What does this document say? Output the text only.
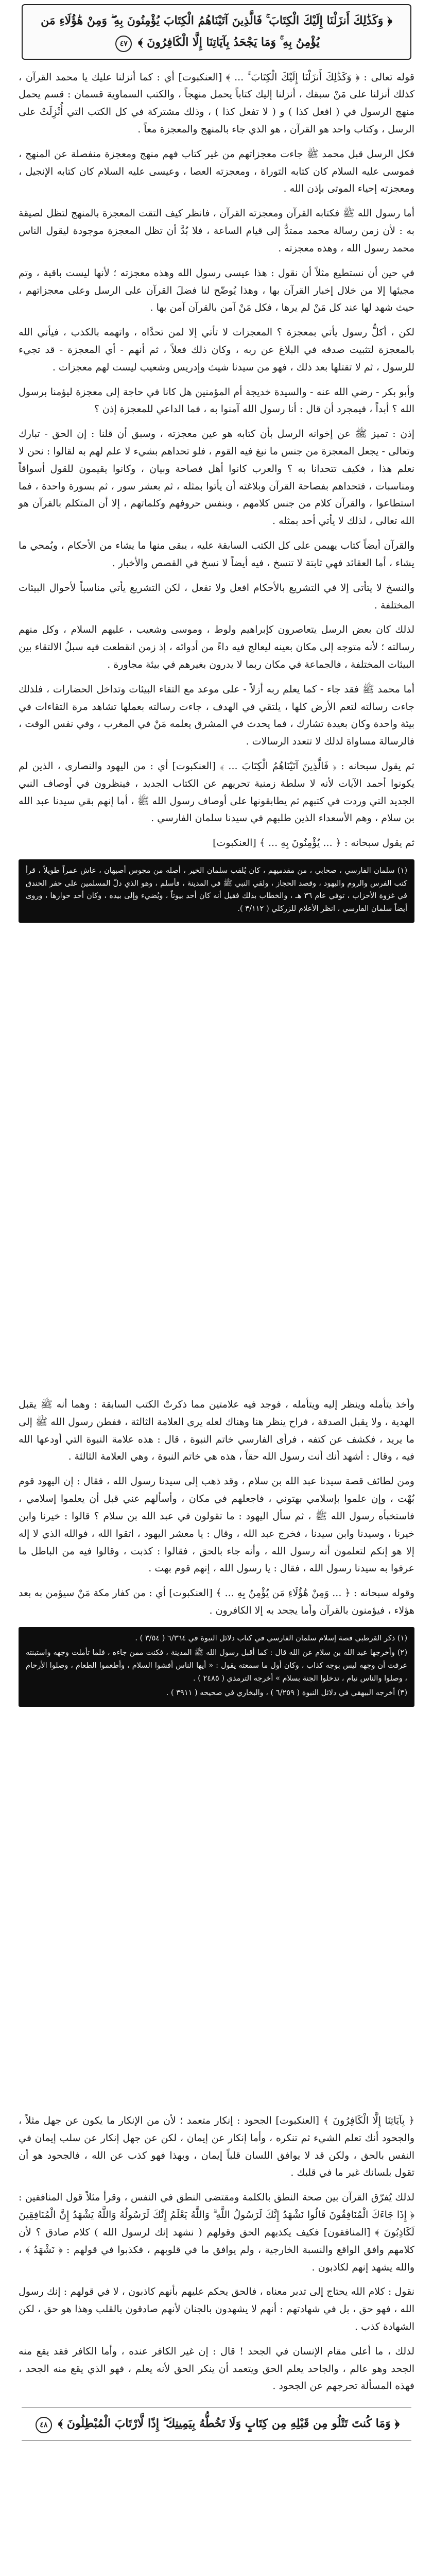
﴿ وَكَذَٰلِكَ أَنزَلْنَا إِلَيْكَ الْكِتَابَ ۚ فَالَّذِينَ آتَيْنَاهُمُ الْكِتَابَ يُؤْمِنُونَ بِهِ ۖ وَمِنْ هَٰؤُلَاءِ مَن يُؤْمِنُ بِهِ ۚ وَمَا يَجْحَدُ بِآيَاتِنَا إِلَّا الْكَافِرُونَ ﴾ ٤٧

قوله تعالى : ﴿ وَكَذَٰلِكَ أَنزَلْنَا إِلَيْكَ الْكِتَابَ ۚ ... ﴾ [العنكبوت] أي : كما أنزلنا عليك يا محمد القرآن ، كذلك أنزلنا على مَنْ سبقك ، أنزلنا إليك كتاباً يحمل منهجاً ، والكتب السماوية قسمان : قسم يحمل منهج الرسول في ( افعل كذا ) و ( لا تفعل كذا ) ، وذلك مشتركة في كل الكتب التي أُنْزِلَتْ على الرسل ، وكتاب واحد هو القرآن ، هو الذي جاء بالمنهج والمعجزة معاً .

فكل الرسل قبل محمد ﷺ جاءت معجزاتهم من غير كتاب فهم منهج ومعجزة منفصلة عن المنهج ، فموسى عليه السلام كان كتابه التوراة ، ومعجزته العصا ، وعيسى عليه السلام كان كتابه الإنجيل ، ومعجزته إحياء الموتى بإذن الله .

أما رسول الله ﷺ فكتابه القرآن ومعجزته القرآن ، فانظر كيف التقت المعجزة بالمنهج لتظل لصيقة به : لأن زمن رسالة محمد ممتدٌّ إلى قيام الساعة ، فلا بُدَّ أن تظل المعجزة موجودة ليقول الناس محمد رسول الله ، وهذه معجزته .

في حين أن نستطيع مثلاً أن نقول : هذا عيسى رسول الله وهذه معجزته ؛ لأنها ليست باقية ، وتم مجيئها إلا من خلال إخبار القرآن بها ، وهذا يُوضّح لنا فضلَ القرآن على الرسل وعلى معجزاتهم ، حيث شهد لها عند كل مَنْ لم يرها ، فكل مَنْ آمن بالقرآن آمن بها .

لكن ، أكلُّ رسول يأتي بمعجزة ؟ المعجزات لا تأتي إلا لمن تحدَّاه ، واتهمه بالكذب ، فيأتي الله بالمعجزة لتثبيت صدقه في البلاغ عن ربه ، وكان ذلك فعلاً ، ثم أنهم - أي المعجزة - قد تجيء للرسول ، ثم لا تقتلها بعد ذلك ، فهو من سيدنا شيث وإدريس وشعيب ليست لهم معجزات .

وأبو بكر - رضي الله عنه - والسيدة خديجة أم المؤمنين هل كانا في حاجة إلى معجزة ليؤمنا برسول الله ؟ أبداً ، فيمجرد أن قال : أنا رسول الله آمنوا به ، فما الداعي للمعجزة إذن ؟

إذن : تميز ﷺ عن إخوانه الرسل بأن كتابه هو عين معجزته ، وسبق أن قلنا : إن الحق - تبارك وتعالى - يجعل المعجزة من جنس ما نبغ فيه القوم ، فلو تحداهم بشيء لا علم لهم به لقالوا : نحن لا نعلم هذا ، فكيف تتحدانا به ؟ والعرب كانوا أهل فصاحة وبيان ، وكانوا يقيمون للقول أسواقاً ومناسبات ، فتحداهم بفصاحة القرآن وبلاغته أن يأتوا بمثله ، ثم بعشر سور ، ثم بسورة واحدة ، فما استطاعوا ، والقرآن كلام من جنس كلامهم ، وبنفس حروفهم وكلماتهم ، إلا أن المتكلم بالقرآن هو الله تعالى ، لذلك لا يأتي أحد بمثله .

والقرآن أيضاً كتاب يهيمن على كل الكتب السابقة عليه ، يبقى منها ما يشاء من الأحكام ، ويُمحي ما يشاء ، أما العقائد فهي ثابتة لا تنسخ ، فيه أيضاً لا نسخ في القصص والأخبار .

والنسخ لا يتأتى إلا في التشريع بالأحكام افعل ولا تفعل ، لكن التشريع يأتي مناسباً لأحوال البيئات المختلفة .

لذلك كان بعض الرسل يتعاصرون كإبراهيم ولوط ، وموسى وشعيب ، عليهم السلام ، وكل منهم رسالته ؛ لأنه متوجه إلى مكان بعينه ليعالج فيه داءً من أدوائه ، إذ زمن انقطعت فيه سبلُ الالتقاء بين البيئات المختلفة ، فالجماعة في مكان ربما لا يدرون بغيرهم في بيئة مجاورة .

أما محمد ﷺ فقد جاء - كما يعلم ربه أزلاً - على موعد مع التقاء البيئات وتداخل الحضارات ، فلذلك جاءت رسالته لتعم الأرض كلها ، يلتقي في الهدف ، جاءت رسالته بعملها تشاهد مرة التقاءات في بيئة واحدة وكان بعيدة تشارك ، فما يحدث في المشرق يعلمه مَنْ في المغرب ، وفي نفس الوقت ، فالرسالة مساواة لذلك لا تتعدد الرسالات .

ثم يقول سبحانه : ﴿ فَالَّذِينَ آتَيْنَاهُمُ الْكِتَابَ ... ﴾ [العنكبوت] أي : من اليهود والنصارى ، الذين لم يكونوا أحمد الآيات لأنه لا سلطة زمنية تحريهم عن الكتاب الجديد ، فينظرون في أوصاف النبي الجديد التي وردت في كتبهم ثم يطابقونها على أوصاف رسول الله ﷺ ، أما إنهم بقي سيدنا عبد الله بن سلام ، وهم الأسعداء الذين طلبهم في سيدنا سلمان الفارسي .

ثم يقول سبحانه : ﴿ ... يُؤْمِنُونَ بِهِ ... ﴾ [العنكبوت]

(١) سلمان الفارسي ، صحابي ، من مقدميهم ، كان يُلقب سلمان الخير ، أصله من مجوس أصبهان ، عاش عمراً طويلاً ، قرأ كتب الفرس والروم واليهود ، وقصد الحجاز ، ولقي النبي ﷺ في المدينة ، فأسلم ، وهو الذي دلّ المسلمين على حفر الخندق في غزوة الأحزاب ، توفي عام ٣٦ هـ ، والخطاب بذلك فقيل أنه كان أحد بيوتاً ، ويُضيء وإلى بيده ، وكان أحد حوارها ، وروى أيضاً سلمان الفارسي ، انظر الأعلام للزركلي ( ٣/١١٢ ).

وأخذ يتأمله وينظر إليه ويتأمله ، فوجد فيه علامتين مما ذكرتْ الكتب السابقة : وهما أنه ﷺ يقبل الهدية ، ولا يقبل الصدقة ، فراح ينظر هنا وهناك لعله يرى العلامة الثالثة ، ففطن رسول الله ﷺ إلى ما يريد ، فكشف عن كتفه ، فرأى الفارسي خاتم النبوة ، قال : هذه علامة النبوة التي أودعها الله فيه ، وقال : أشهد أنك أنت رسول الله حقاً ، هذه هي خاتم النبوة ، وهي العلامة الثالثة .

ومن لطائف قصة سيدنا عبد الله بن سلام ، وقد ذهب إلى سيدنا رسول الله ، فقال : إن اليهود قوم بُهْت ، وإن علموا بإسلامي بهتوني ، فاجعلهم في مكان ، وأسألهم عني قبل أن يعلموا إسلامي ، فاستخبأه رسول الله ﷺ ، ثم سأل اليهود : ما تقولون في عبد الله بن سلام ؟ قالوا : خيرنا وابن خيرنا ، وسيدنا وابن سيدنا ، فخرج عبد الله ، وقال : يا معشر اليهود ، اتقوا الله ، فوالله الذي لا إله إلا هو إنكم لتعلمون أنه رسول الله ، وأنه جاء بالحق ، فقالوا : كذبت ، وقالوا فيه من الباطل ما عرفوا به سيدنا رسول الله ، فقال : يا رسول الله ، إنهم قوم بهت .

وقوله سبحانه : ﴿ ... وَمِنْ هَٰؤُلَاءِ مَن يُؤْمِنُ بِهِ ... ﴾ [العنكبوت] أي : من كفار مكة مَنْ سيؤمن به بعد هؤلاء ، فيؤمنون بالقرآن وأما يجحد به إلا الكافرون .

(١) ذكر القرطبي قصة إسلام سلمان الفارسي في كتاب دلائل النبوة في ٦/٣٦٤ ( ٣/٥٤ ) .

(٢) وأخرجها عبد الله بن سلام عن الله قال : كما أقبل رسول الله ﷺ المدينة ، فكنت ممن جاءه ، فلما تأملت وجهه واستبنته عرفت أن وجهه ليس بوجه كذاب ، وكان أول ما سمعته يقول : « أيها الناس أفشوا السلام ، وأطعموا الطعام ، وصلوا الأرحام ، وصلوا والناس نيام ، تدخلوا الجنة بسلام » أخرجه الترمذي ( ٢٤٨٥ ) .

(٣) أخرجه البيهقي في دلائل النبوة ( ٦/٢٥٩ ) ، والبخاري في صحيحه ( ٣٩١١ ) .

﴿ بِآيَاتِنَا إِلَّا الْكَافِرُونَ ﴾ [العنكبوت] الجحود : إنكار متعمد ؛ لأن من الإنكار ما يكون عن جهل مثلاً ، والجحود أنك تعلم الشيء ثم تنكره ، وأما إنكار عن إيمان ، لكن عن جهل إنكار عن سلب إيمان في النفس بالحق ، ولكن قد لا يوافق اللسان قلباً إيمان ، وبهذا فهو كذب عن الله ، فالجحود هو أن تقول بلسانك غير ما في قلبك .

لذلك يُفرّق القرآن بين صحة النطق بالكلمة ومقتضى النطق في النفس ، وقرأ مثلاً قول المنافقين : ﴿ إِذَا جَاءَكَ الْمُنَافِقُونَ قَالُوا نَشْهَدُ إِنَّكَ لَرَسُولُ اللَّهِ ۗ وَاللَّهُ يَعْلَمُ إِنَّكَ لَرَسُولُهُ وَاللَّهُ يَشْهَدُ إِنَّ الْمُنَافِقِينَ لَكَاذِبُونَ ﴾ [المنافقون] فكيف يكذبهم الحق وقولهم ( نشهد إنك لرسول الله ) كلام صادق ؟ لأن كلامهم وافق الواقع والنسبة الخارجية ، ولم يوافق ما في قلوبهم ، فكذبوا في قولهم : ﴿ نَشْهَدُ ﴾ ، والله يشهد إنهم لكاذبون .

نقول : كلام الله يحتاج إلى تدبر معناه ، فالحق يحكم عليهم بأنهم كاذبون ، لا في قولهم : إنك رسول الله ، فهو حق ، بل في شهادتهم : أنهم لا يشهدون بالجنان لأنهم صادقون بالقلب وهذا هو حق ، لكن الشهادة كذب .

لذلك ، ما أعلى مقام الإنسان في الجحد ! قال : إن غير الكافر عنده ، وأما الكافر فقد يقع منه الجحد وهو عالم ، والجاحد يعلم الحق ويتعمد أن ينكر الحق لأنه يعلم ، فهو الذي يقع منه الجحد ، فهذه المسألة تحرجهم عن الجحود .

﴿ وَمَا كُنتَ تَتْلُو مِن قَبْلِهِ مِن كِتَابٍ وَلَا تَخُطُّهُ بِيَمِينِكَ ۖ إِذًا لَّارْتَابَ الْمُبْطِلُونَ ﴾ ٤٨
